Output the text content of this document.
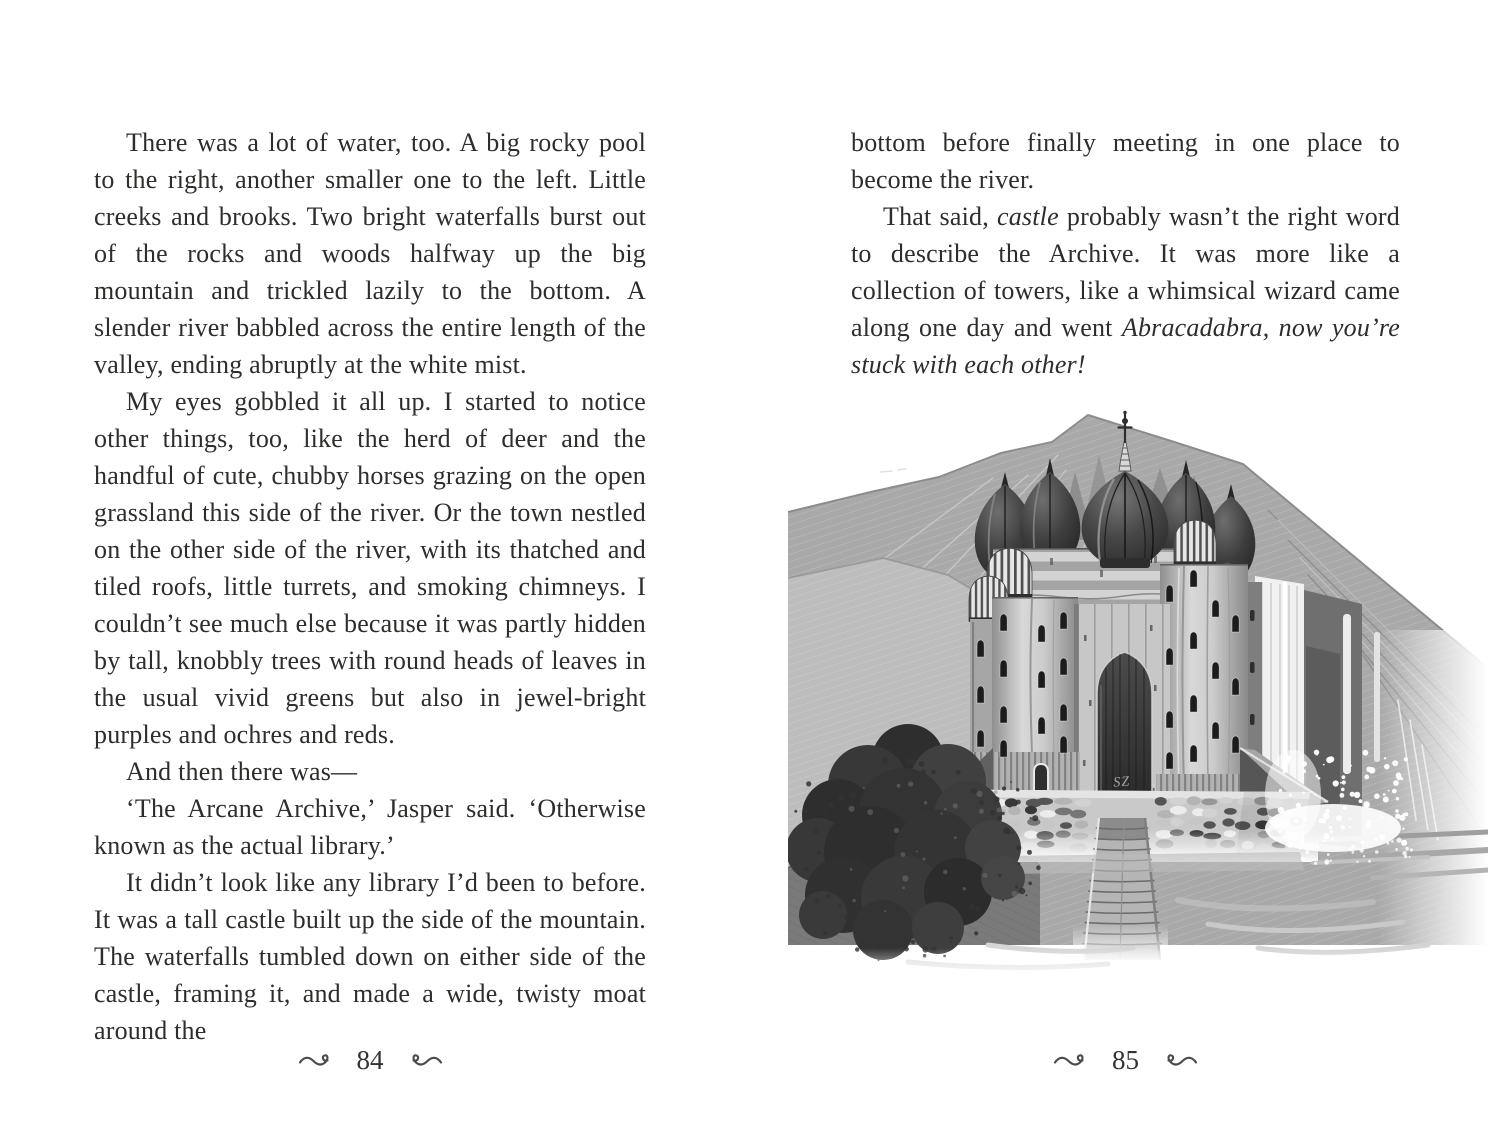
There was a lot of water, too. A big rocky pool to the right, another smaller one to the left. Little creeks and brooks. Two bright waterfalls burst out of the rocks and woods halfway up the big mountain and trickled lazily to the bottom. A slender river babbled across the entire length of the valley, ending abruptly at the white mist.

My eyes gobbled it all up. I started to notice other things, too, like the herd of deer and the handful of cute, chubby horses grazing on the open grassland this side of the river. Or the town nestled on the other side of the river, with its thatched and tiled roofs, little turrets, and smoking chimneys. I couldn’t see much else because it was partly hidden by tall, knobbly trees with round heads of leaves in the usual vivid greens but also in jewel-bright purples and ochres and reds.

And then there was—

‘The Arcane Archive,’ Jasper said. ‘Otherwise known as the actual library.’

It didn’t look like any library I’d been to before. It was a tall castle built up the side of the mountain. The waterfalls tumbled down on either side of the castle, framing it, and made a wide, twisty moat around the

84

bottom before finally meeting in one place to become the river.

That said, castle probably wasn’t the right word to describe the Archive. It was more like a collection of towers, like a whimsical wizard came along one day and went Abracadabra, now you’re stuck with each other!

85
SZ
